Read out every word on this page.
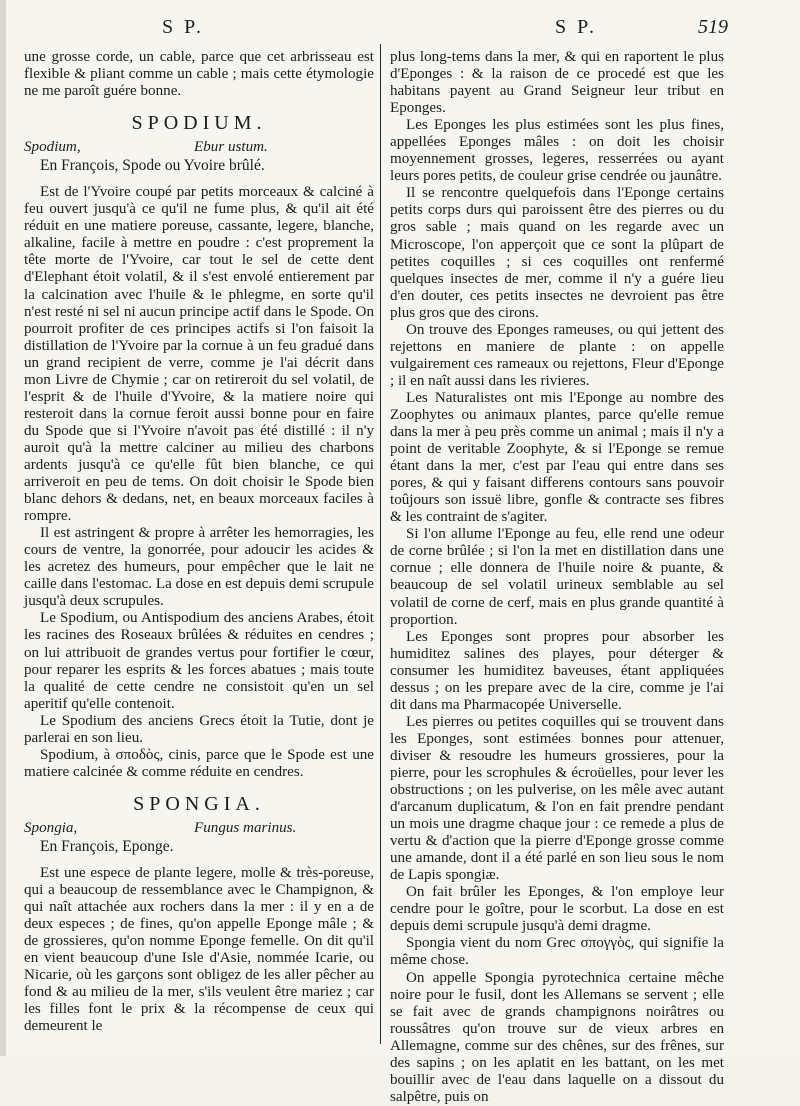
S P.	S P.	519

une grosse corde, un cable, parce que cet arbrisseau est flexible & pliant comme un cable ; mais cette étymologie ne me paroît guére bonne.

SPODIUM.
Spodium,	Ebur ustum.
En François, Spode ou Yvoire brûlé.

Est de l'Yvoire coupé par petits morceaux & calciné à feu ouvert jusqu'à ce qu'il ne fume plus, & qu'il ait été réduit en une matiere poreuse, cassante, legere, blanche, alkaline, facile à mettre en poudre : c'est proprement la tête morte de l'Yvoire, car tout le sel de cette dent d'Elephant étoit volatil, & il s'est envolé entierement par la calcination avec l'huile & le phlegme, en sorte qu'il n'est resté ni sel ni aucun principe actif dans le Spode. On pourroit profiter de ces principes actifs si l'on faisoit la distillation de l'Yvoire par la cornue à un feu gradué dans un grand recipient de verre, comme je l'ai décrit dans mon Livre de Chymie ; car on retireroit du sel volatil, de l'esprit & de l'huile d'Yvoire, & la matiere noire qui resteroit dans la cornue feroit aussi bonne pour en faire du Spode que si l'Yvoire n'avoit pas été distillé : il n'y auroit qu'à la mettre calciner au milieu des charbons ardents jusqu'à ce qu'elle fût bien blanche, ce qui arriveroit en peu de tems. On doit choisir le Spode bien blanc dehors & dedans, net, en beaux morceaux faciles à rompre.

Il est astringent & propre à arrêter les hemorragies, les cours de ventre, la gonorrée, pour adoucir les acides & les acretez des humeurs, pour empêcher que le lait ne caille dans l'estomac. La dose en est depuis demi scrupule jusqu'à deux scrupules.

Le Spodium, ou Antispodium des anciens Arabes, étoit les racines des Roseaux brûlées & réduites en cendres ; on lui attribuoit de grandes vertus pour fortifier le cœur, pour reparer les esprits & les forces abatues ; mais toute la qualité de cette cendre ne consistoit qu'en un sel aperitif qu'elle contenoit.

Le Spodium des anciens Grecs étoit la Tutie, dont je parlerai en son lieu.

Spodium, à σποδὸς, cinis, parce que le Spode est une matiere calcinée & comme réduite en cendres.

SPONGIA.
Spongia,	Fungus marinus.
En François, Eponge.

Est une espece de plante legere, molle & très-poreuse, qui a beaucoup de ressemblance avec le Champignon, & qui naît attachée aux rochers dans la mer : il y en a de deux especes ; de fines, qu'on appelle Eponge mâle ; & de grossieres, qu'on nomme Eponge femelle. On dit qu'il en vient beaucoup d'une Isle d'Asie, nommée Icarie, ou Nicarie, où les garçons sont obligez de les aller pêcher au fond & au milieu de la mer, s'ils veulent être mariez ; car les filles font le prix & la récompense de ceux qui demeurent le

plus long-tems dans la mer, & qui en raportent le plus d'Eponges : & la raison de ce procedé est que les habitans payent au Grand Seigneur leur tribut en Eponges.

Les Eponges les plus estimées sont les plus fines, appellées Eponges mâles : on doit les choisir moyennement grosses, legeres, resserrées ou ayant leurs pores petits, de couleur grise cendrée ou jaunâtre.

Il se rencontre quelquefois dans l'Eponge certains petits corps durs qui paroissent être des pierres ou du gros sable ; mais quand on les regarde avec un Microscope, l'on apperçoit que ce sont la plûpart de petites coquilles ; si ces coquilles ont renfermé quelques insectes de mer, comme il n'y a guére lieu d'en douter, ces petits insectes ne devroient pas être plus gros que des cirons.

On trouve des Eponges rameuses, ou qui jettent des rejettons en maniere de plante : on appelle vulgairement ces rameaux ou rejettons, Fleur d'Eponge ; il en naît aussi dans les rivieres.

Les Naturalistes ont mis l'Eponge au nombre des Zoophytes ou animaux plantes, parce qu'elle remue dans la mer à peu près comme un animal ; mais il n'y a point de veritable Zoophyte, & si l'Eponge se remue étant dans la mer, c'est par l'eau qui entre dans ses pores, & qui y faisant differens contours sans pouvoir toûjours son issuë libre, gonfle & contracte ses fibres & les contraint de s'agiter.

Si l'on allume l'Eponge au feu, elle rend une odeur de corne brûlée ; si l'on la met en distillation dans une cornue ; elle donnera de l'huile noire & puante, & beaucoup de sel volatil urineux semblable au sel volatil de corne de cerf, mais en plus grande quantité à proportion.

Les Eponges sont propres pour absorber les humiditez salines des playes, pour déterger & consumer les humiditez baveuses, étant appliquées dessus ; on les prepare avec de la cire, comme je l'ai dit dans ma Pharmacopée Universelle.

Les pierres ou petites coquilles qui se trouvent dans les Eponges, sont estimées bonnes pour attenuer, diviser & resoudre les humeurs grossieres, pour la pierre, pour les scrophules & écroüelles, pour lever les obstructions ; on les pulverise, on les mêle avec autant d'arcanum duplicatum, & l'on en fait prendre pendant un mois une dragme chaque jour : ce remede a plus de vertu & d'action que la pierre d'Eponge grosse comme une amande, dont il a été parlé en son lieu sous le nom de Lapis spongiæ.

On fait brûler les Eponges, & l'on employe leur cendre pour le goître, pour le scorbut. La dose en est depuis demi scrupule jusqu'à demi dragme.

Spongia vient du nom Grec σπογγὸς, qui signifie la même chose.

On appelle Spongia pyrotechnica certaine mêche noire pour le fusil, dont les Allemans se servent ; elle se fait avec de grands champignons noirâtres ou roussâtres qu'on trouve sur de vieux arbres en Allemagne, comme sur des chênes, sur des frênes, sur des sapins ; on les aplatit en les battant, on les met bouillir avec de l'eau dans laquelle on a dissout du salpêtre, puis on
